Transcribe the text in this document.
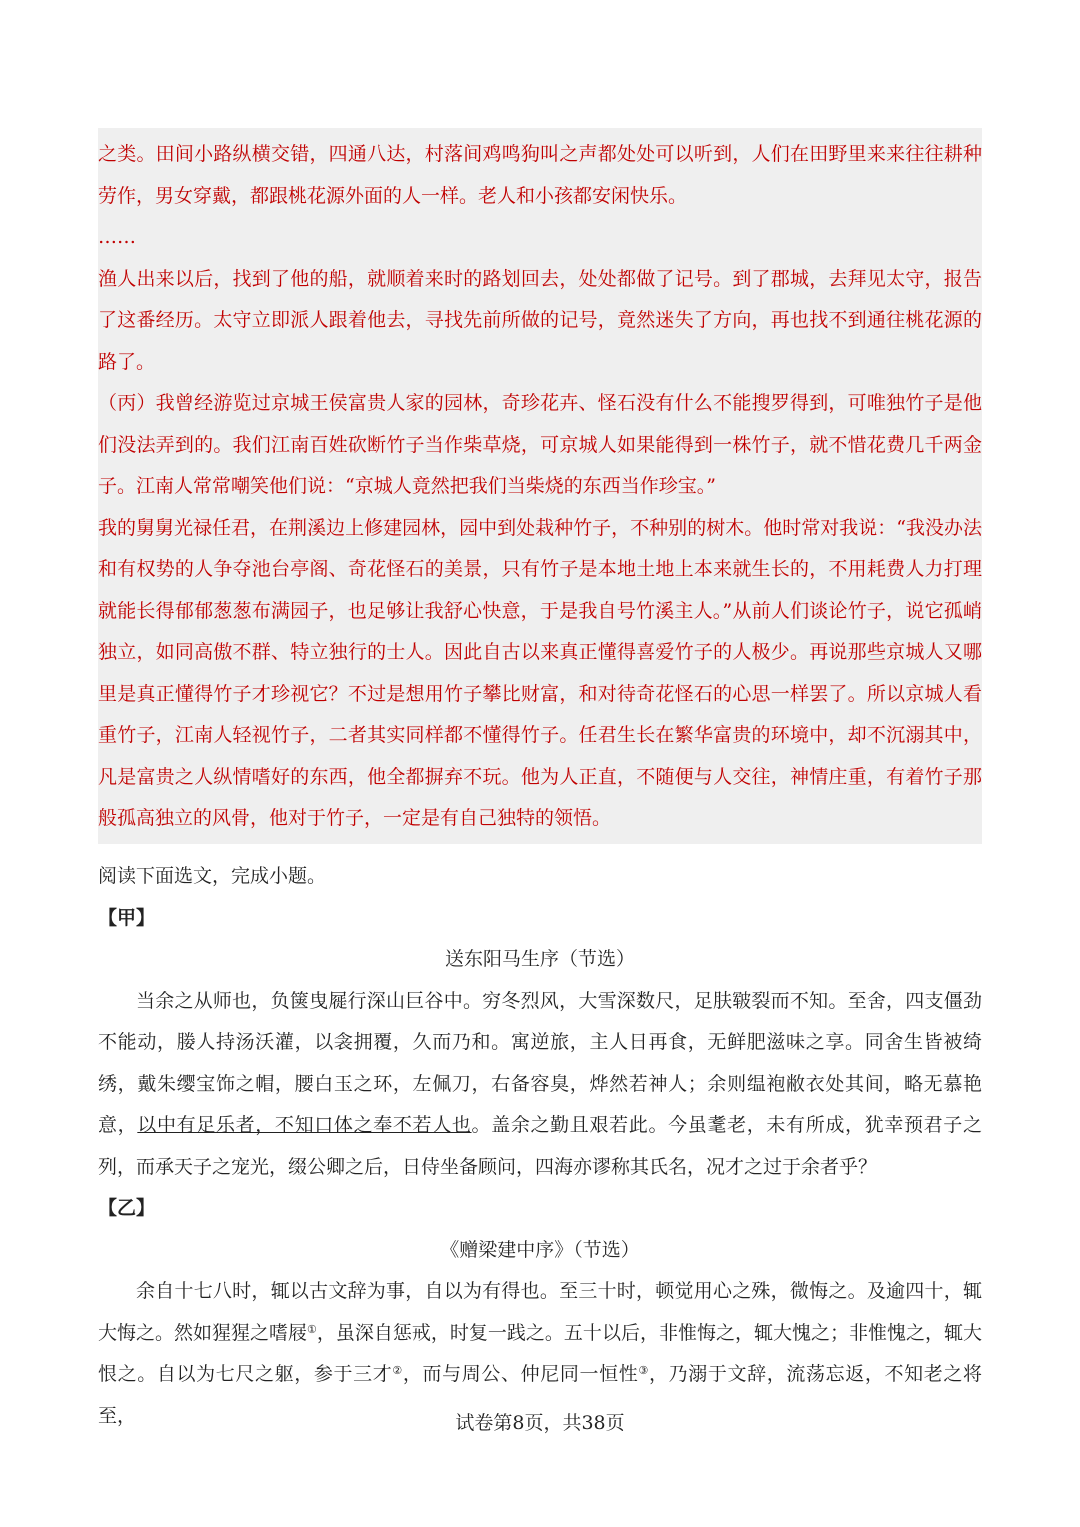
之类。田间小路纵横交错，四通八达，村落间鸡鸣狗叫之声都处处可以听到，人们在田野里来来往往耕种劳作，男女穿戴，都跟桃花源外面的人一样。老人和小孩都安闲快乐。

……

渔人出来以后，找到了他的船，就顺着来时的路划回去，处处都做了记号。到了郡城，去拜见太守，报告了这番经历。太守立即派人跟着他去，寻找先前所做的记号，竟然迷失了方向，再也找不到通往桃花源的路了。

（丙）我曾经游览过京城王侯富贵人家的园林，奇珍花卉、怪石没有什么不能搜罗得到，可唯独竹子是他们没法弄到的。我们江南百姓砍断竹子当作柴草烧，可京城人如果能得到一株竹子，就不惜花费几千两金子。江南人常常嘲笑他们说：“京城人竟然把我们当柴烧的东西当作珍宝。”

我的舅舅光禄任君，在荆溪边上修建园林，园中到处栽种竹子，不种别的树木。他时常对我说：“我没办法和有权势的人争夺池台亭阁、奇花怪石的美景，只有竹子是本地土地上本来就生长的，不用耗费人力打理就能长得郁郁葱葱布满园子，也足够让我舒心快意，于是我自号竹溪主人。”从前人们谈论竹子，说它孤峭独立，如同高傲不群、特立独行的士人。因此自古以来真正懂得喜爱竹子的人极少。再说那些京城人又哪里是真正懂得竹子才珍视它？不过是想用竹子攀比财富，和对待奇花怪石的心思一样罢了。所以京城人看重竹子，江南人轻视竹子，二者其实同样都不懂得竹子。任君生长在繁华富贵的环境中，却不沉溺其中，凡是富贵之人纵情嗜好的东西，他全都摒弃不玩。他为人正直，不随便与人交往，神情庄重，有着竹子那般孤高独立的风骨，他对于竹子，一定是有自己独特的领悟。

阅读下面选文，完成小题。

【甲】

送东阳马生序（节选）

当余之从师也，负箧曳屣行深山巨谷中。穷冬烈风，大雪深数尺，足肤皲裂而不知。至舍，四支僵劲不能动，媵人持汤沃灌，以衾拥覆，久而乃和。寓逆旅，主人日再食，无鲜肥滋味之享。同舍生皆被绮绣，戴朱缨宝饰之帽，腰白玉之环，左佩刀，右备容臭，烨然若神人；余则缊袍敝衣处其间，略无慕艳意，以中有足乐者，不知口体之奉不若人也。盖余之勤且艰若此。今虽耄老，未有所成，犹幸预君子之列，而承天子之宠光，缀公卿之后，日侍坐备顾问，四海亦谬称其氏名，况才之过于余者乎？

【乙】

《赠梁建中序》（节选）

余自十七八时，辄以古文辞为事，自以为有得也。至三十时，顿觉用心之殊，微悔之。及逾四十，辄大悔之。然如猩猩之嗜屐①，虽深自惩戒，时复一践之。五十以后，非惟悔之，辄大愧之；非惟愧之，辄大恨之。自以为七尺之躯，参于三才②，而与周公、仲尼同一恒性③，乃溺于文辞，流荡忘返，不知老之将至，	试卷第8页，共38页
